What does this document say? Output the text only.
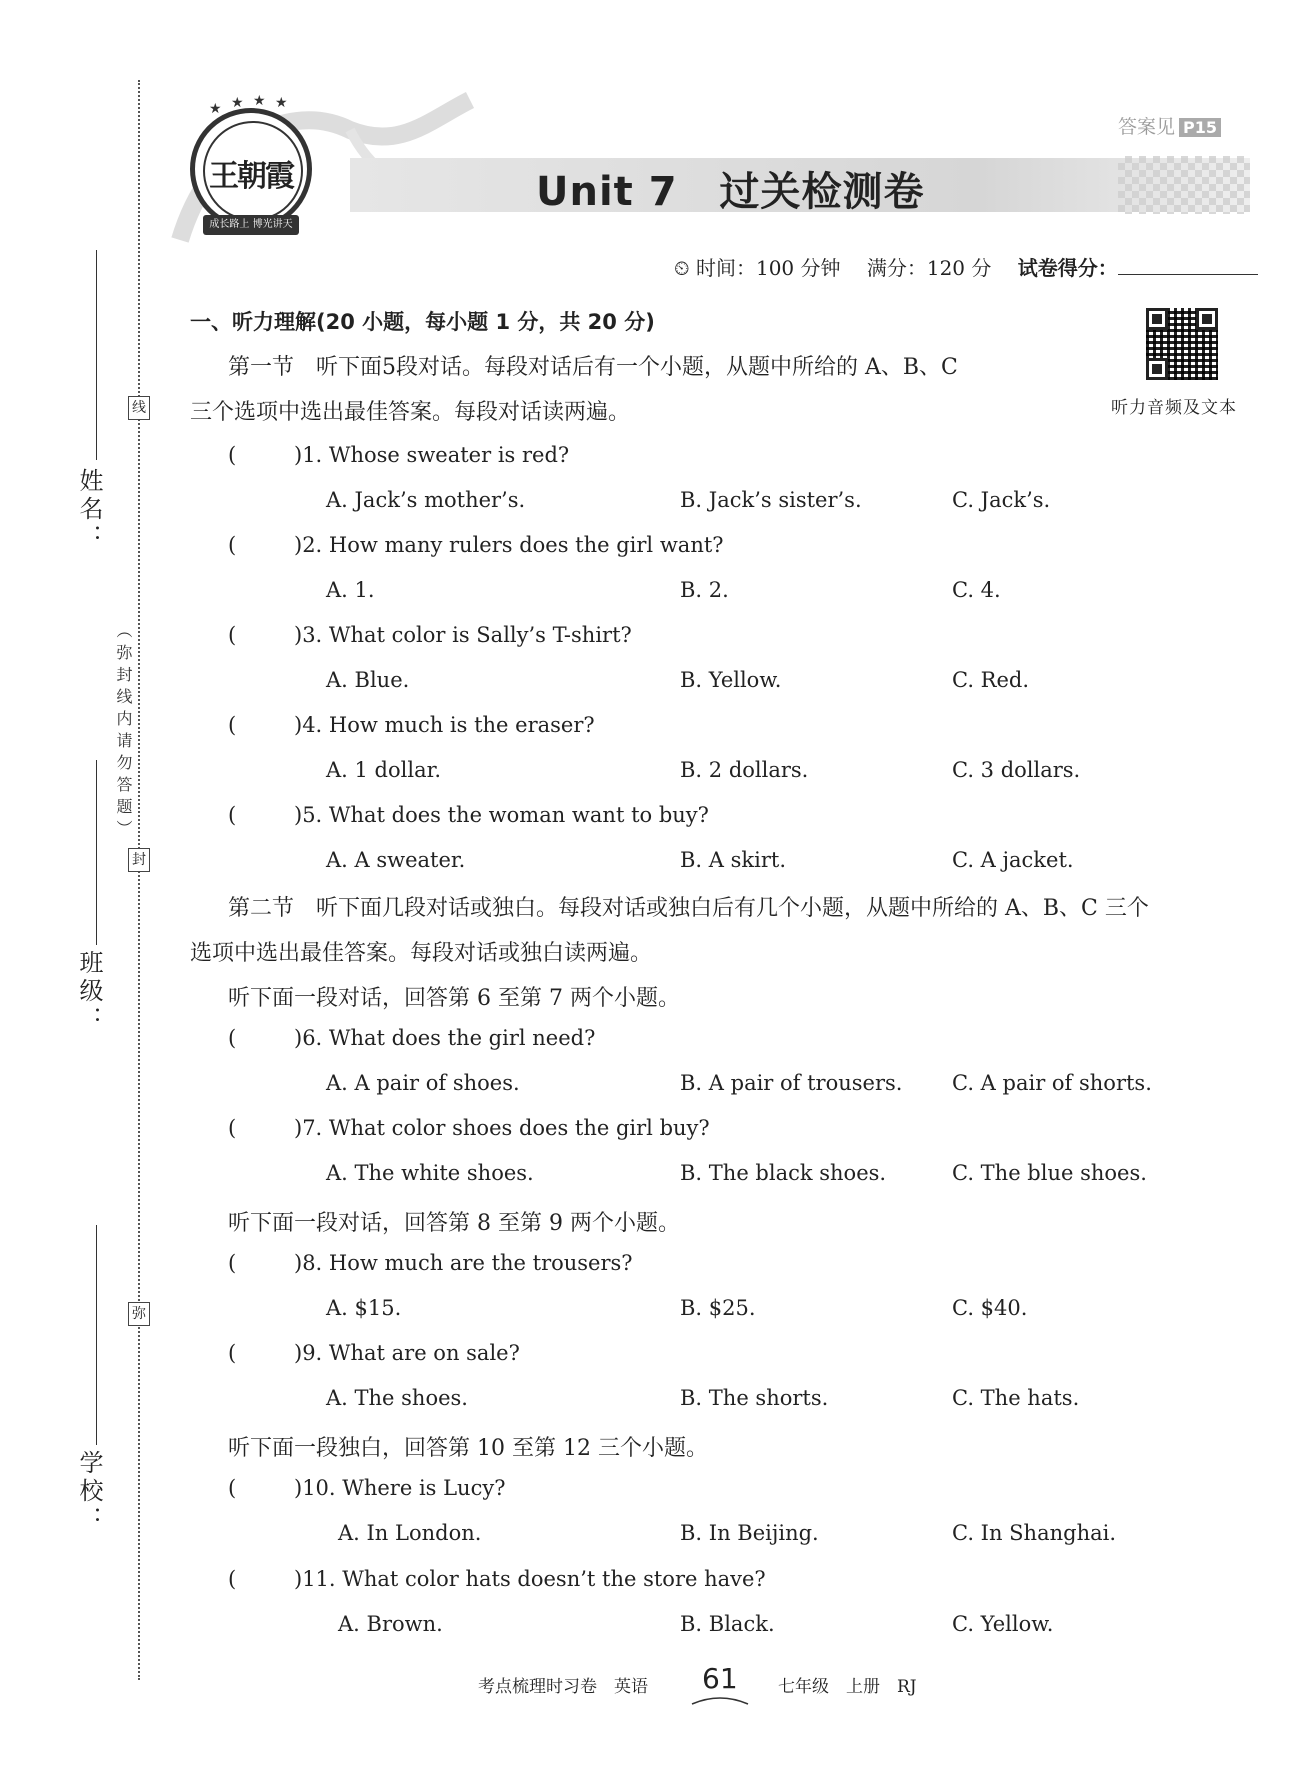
姓名：
班级：
学校：
线
封
弥
（弥封线内请勿答题）
★ ★ ★ ★
王朝霞
成长路上 博光讲天
答案见 P15
Unit 7 过关检测卷
⏲ 时间：100 分钟　 满分：120 分　 试卷得分：
听力音频及文本
一、听力理解(20 小题，每小题 1 分，共 20 分)
第一节　听下面5段对话。每段对话后有一个小题，从题中所给的 A、B、C
三个选项中选出最佳答案。每段对话读两遍。
(	)1. Whose sweater is red?
A. Jack’s mother’s.	B. Jack’s sister’s.	C. Jack’s.
(	)2. How many rulers does the girl want?
A. 1.	B. 2.	C. 4.
(	)3. What color is Sally’s T-shirt?
A. Blue.	B. Yellow.	C. Red.
(	)4. How much is the eraser?
A. 1 dollar.	B. 2 dollars.	C. 3 dollars.
(	)5. What does the woman want to buy?
A. A sweater.	B. A skirt.	C. A jacket.
(	)6. What does the girl need?
A. A pair of shoes.	B. A pair of trousers. C. A pair of shorts.
(	)7. What color shoes does the girl buy?
A. The white shoes.	B. The black shoes.	C. The blue shoes.
(	)8. How much are the trousers?
A. $15.	B. $25.	C. $40.
(	)9. What are on sale?
A. The shoes.	B. The shorts.	C. The hats.
(	)10. Where is Lucy?
A. In London.	B. In Beijing.	C. In Shanghai.
(	)11. What color hats doesn’t the store have?
A. Brown.	B. Black.	C. Yellow.
第二节　听下面几段对话或独白。每段对话或独白后有几个小题，从题中所给的 A、B、C 三个
选项中选出最佳答案。每段对话或独白读两遍。
听下面一段对话，回答第 6 至第 7 两个小题。
听下面一段对话，回答第 8 至第 9 两个小题。
听下面一段独白，回答第 10 至第 12 三个小题。
考点梳理时习卷　英语 61 七年级　上册　RJ
